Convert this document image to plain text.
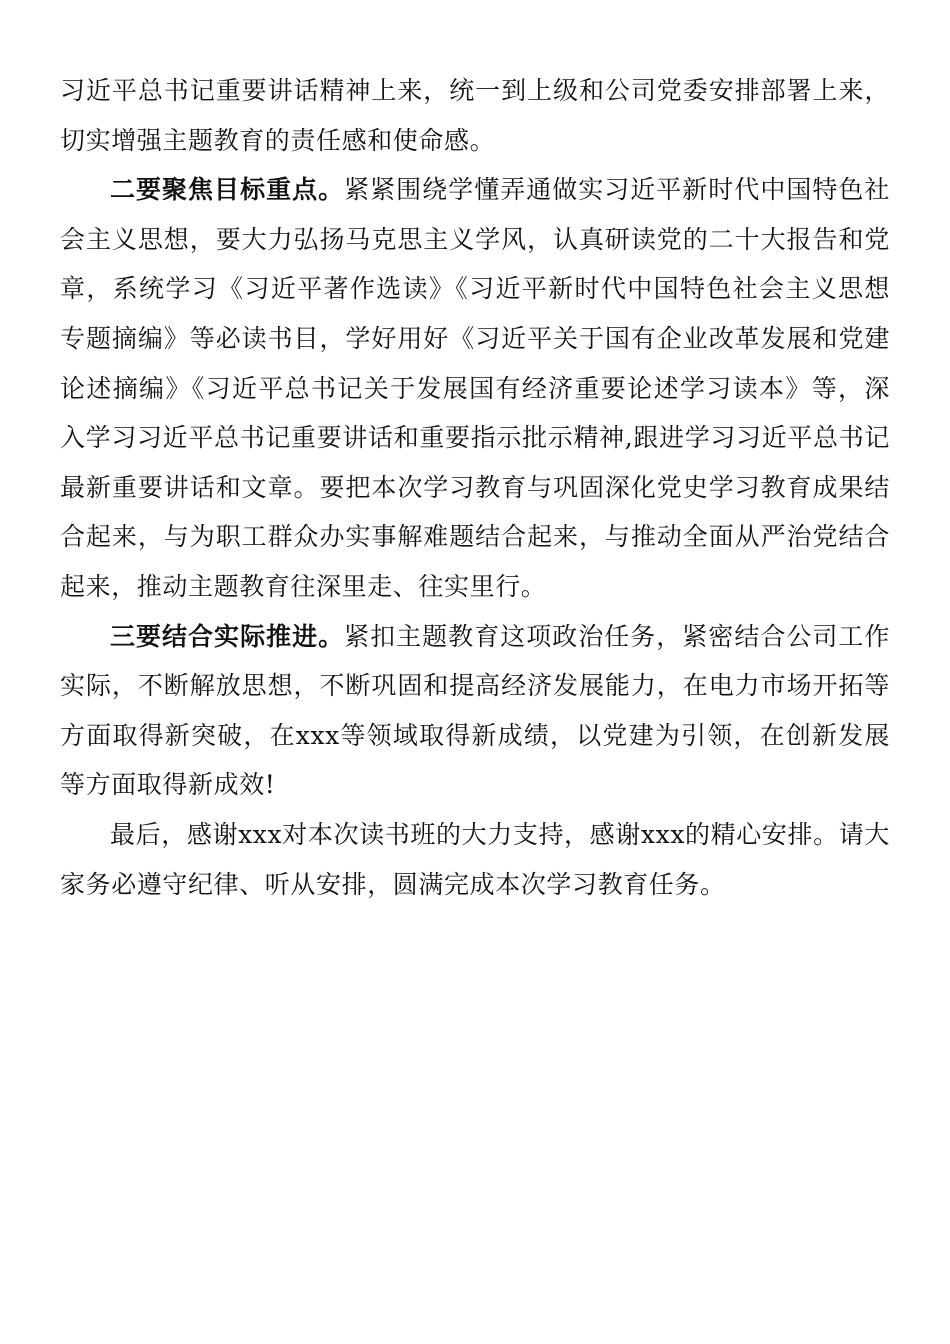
习近平总书记重要讲话精神上来，统一到上级和公司党委安排部署上来，切实增强主题教育的责任感和使命感。

二要聚焦目标重点。紧紧围绕学懂弄通做实习近平新时代中国特色社会主义思想，要大力弘扬马克思主义学风，认真研读党的二十大报告和党章，系统学习《习近平著作选读》《习近平新时代中国特色社会主义思想专题摘编》等必读书目，学好用好《习近平关于国有企业改革发展和党建论述摘编》《习近平总书记关于发展国有经济重要论述学习读本》等，深入学习习近平总书记重要讲话和重要指示批示精神,跟进学习习近平总书记最新重要讲话和文章。要把本次学习教育与巩固深化党史学习教育成果结合起来，与为职工群众办实事解难题结合起来，与推动全面从严治党结合起来，推动主题教育往深里走、往实里行。

三要结合实际推进。紧扣主题教育这项政治任务，紧密结合公司工作实际，不断解放思想，不断巩固和提高经济发展能力，在电力市场开拓等方面取得新突破，在xxx等领域取得新成绩，以党建为引领，在创新发展等方面取得新成效!

最后，感谢xxx对本次读书班的大力支持，感谢xxx的精心安排。请大家务必遵守纪律、听从安排，圆满完成本次学习教育任务。
